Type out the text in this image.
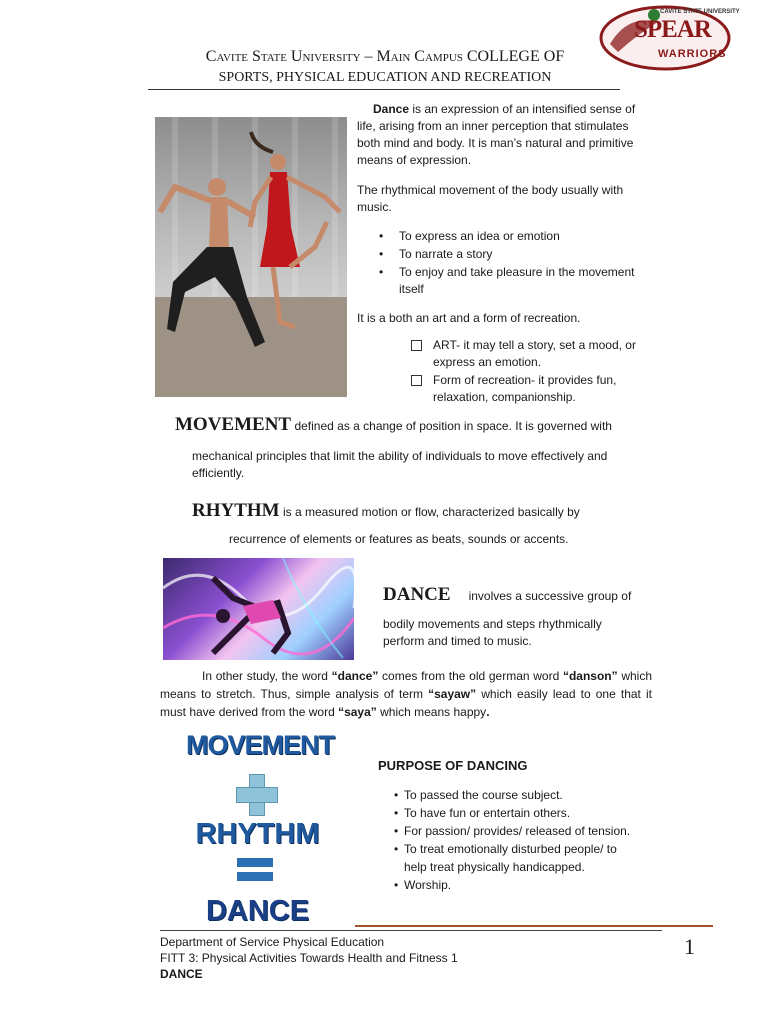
Cavite State University – Main Campus COLLEGE OF
SPORTS, PHYSICAL EDUCATION AND RECREATION
CAVITE STATE UNIVERSITY
SPEAR
WARRIORS
Dance is an expression of an intensified sense of life, arising from an inner perception that stimulates both mind and body. It is man’s natural and primitive means of expression.
The rhythmical movement of the body usually with music.
• To express an idea or emotion
• To narrate a story
• To enjoy and take pleasure in the movement itself
It is a both an art and a form of recreation.
ART- it may tell a story, set a mood, or express an emotion.
Form of recreation- it provides fun, relaxation, companionship.
MOVEMENT defined as a change of position in space. It is governed with
mechanical principles that limit the ability of individuals to move effectively and efficiently.
RHYTHM is a measured motion or flow, characterized basically by
recurrence of elements or features as beats, sounds or accents.
DANCE involves a successive group of
bodily movements and steps rhythmically perform and timed to music.
In other study, the word “dance” comes from the old german word “danson” which means to stretch. Thus, simple analysis of term “sayaw” which easily lead to one that it must have derived from the word “saya” which means happy.
MOVEMENT
RHYTHM
DANCE
PURPOSE OF DANCING
• To passed the course subject.
• To have fun or entertain others.
• For passion/ provides/ released of tension.
• To treat emotionally disturbed people/ to help treat physically handicapped.
• Worship.
Department of Service Physical Education
FITT 3: Physical Activities Towards Health and Fitness 1
DANCE
1
